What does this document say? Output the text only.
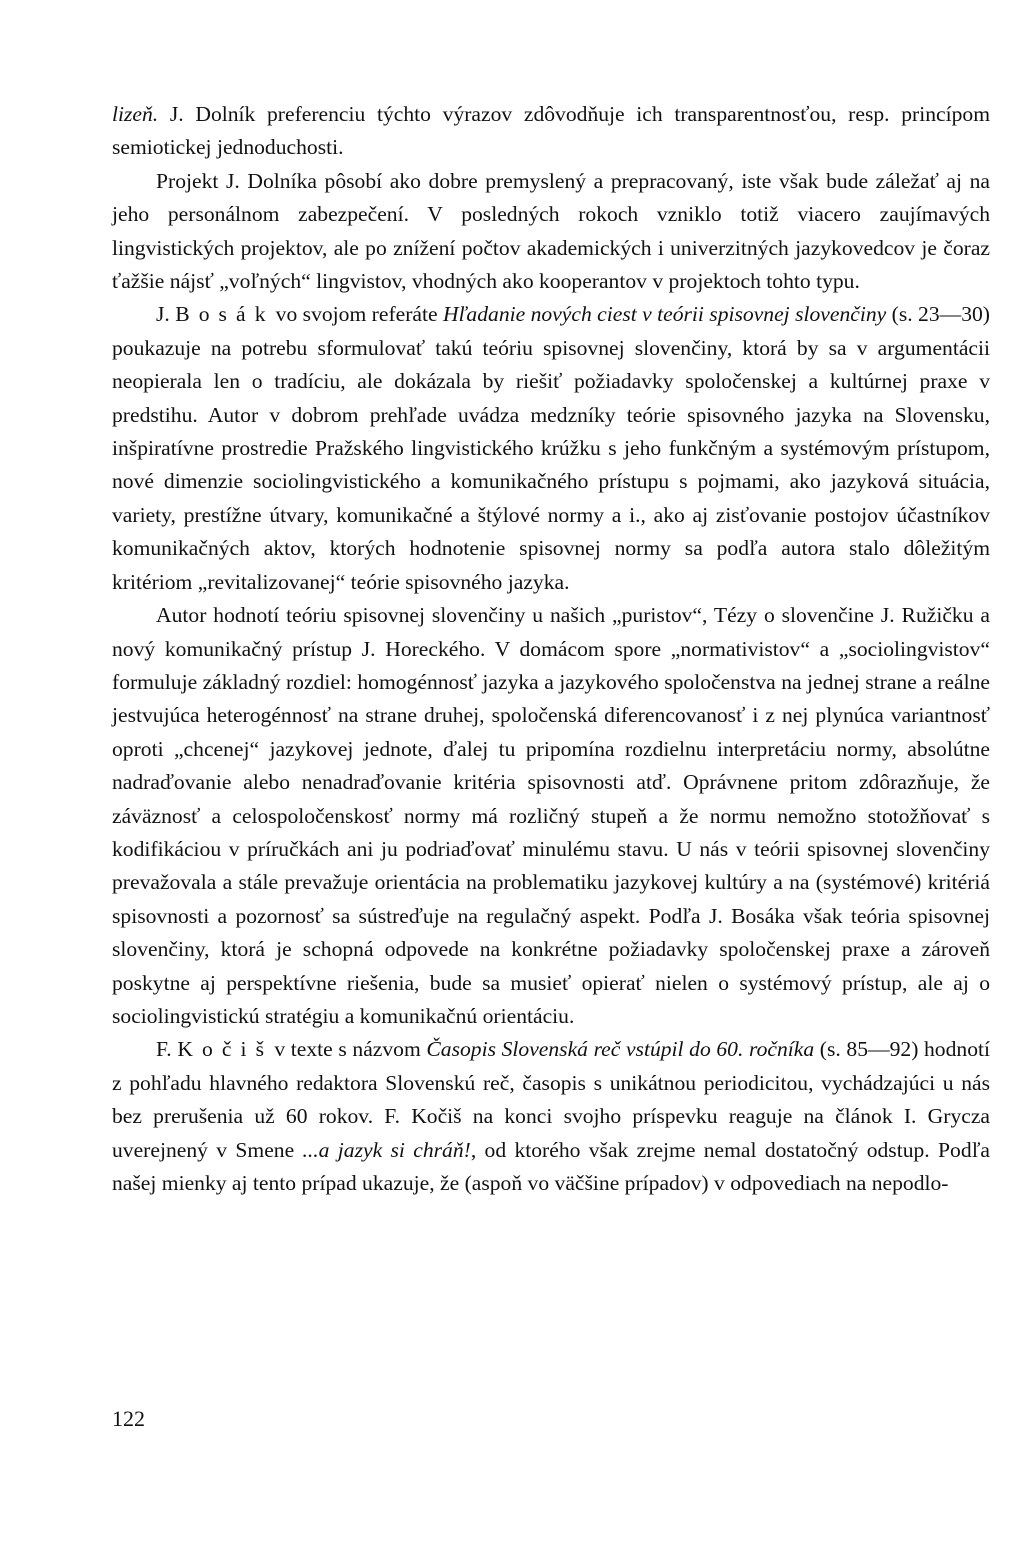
lizeň. J. Dolník preferenciu týchto výrazov zdôvodňuje ich transparentnosťou, resp. princípom semiotickej jednoduchosti.

Projekt J. Dolníka pôsobí ako dobre premyslený a prepracovaný, iste však bude záležať aj na jeho personálnom zabezpečení. V posledných rokoch vzniklo totiž viacero zaujímavých lingvistických projektov, ale po znížení počtov akademických i univerzitných jazykovedcov je čoraz ťažšie nájsť „voľných“ lingvistov, vhodných ako kooperantov v projektoch tohto typu.

J. Bosák vo svojom referáte Hľadanie nových ciest v teórii spisovnej slovenčiny (s. 23—30) poukazuje na potrebu sformulovať takú teóriu spisovnej slovenčiny, ktorá by sa v argumentácii neopierala len o tradíciu, ale dokázala by riešiť požiadavky spoločenskej a kultúrnej praxe v predstihu. Autor v dobrom prehľade uvádza medzníky teórie spisovného jazyka na Slovensku, inšpiratívne prostredie Pražského lingvistického krúžku s jeho funkčným a systémovým prístupom, nové dimenzie sociolingvistického a komunikačného prístupu s pojmami, ako jazyková situácia, variety, prestížne útvary, komunikačné a štýlové normy a i., ako aj zisťovanie postojov účastníkov komunikačných aktov, ktorých hodnotenie spisovnej normy sa podľa autora stalo dôležitým kritériom „revitalizovanej“ teórie spisovného jazyka.

Autor hodnotí teóriu spisovnej slovenčiny u našich „puristov“, Tézy o slovenčine J. Ružičku a nový komunikačný prístup J. Horeckého. V domácom spore „normativistov“ a „sociolingvistov“ formuluje základný rozdiel: homogénnosť jazyka a jazykového spoločenstva na jednej strane a reálne jestvujúca heterogénnosť na strane druhej, spoločenská diferencovanosť i z nej plynúca variantnosť oproti „chcenej“ jazykovej jednote, ďalej tu pripomína rozdielnu interpretáciu normy, absolútne nadraďovanie alebo nenadraďovanie kritéria spisovnosti atď. Oprávnene pritom zdôrazňuje, že záväznosť a celospoločenskosť normy má rozličný stupeň a že normu nemožno stotožňovať s kodifikáciou v príručkách ani ju podriaďovať minulému stavu. U nás v teórii spisovnej slovenčiny prevažovala a stále prevažuje orientácia na problematiku jazykovej kultúry a na (systémové) kritériá spisovnosti a pozornosť sa sústreďuje na regulačný aspekt. Podľa J. Bosáka však teória spisovnej slovenčiny, ktorá je schopná odpovede na konkrétne požiadavky spoločenskej praxe a zároveň poskytne aj perspektívne riešenia, bude sa musieť opierať nielen o systémový prístup, ale aj o sociolingvistickú stratégiu a komunikačnú orientáciu.

F. Kočiš v texte s názvom Časopis Slovenská reč vstúpil do 60. ročníka (s. 85—92) hodnotí z pohľadu hlavného redaktora Slovenskú reč, časopis s unikátnou periodicitou, vychádzajúci u nás bez prerušenia už 60 rokov. F. Kočiš na konci svojho príspevku reaguje na článok I. Grycza uverejnený v Smene ...a jazyk si chráň!, od ktorého však zrejme nemal dostatočný odstup. Podľa našej mienky aj tento prípad ukazuje, že (aspoň vo väčšine prípadov) v odpovediach na nepodlo-

122
